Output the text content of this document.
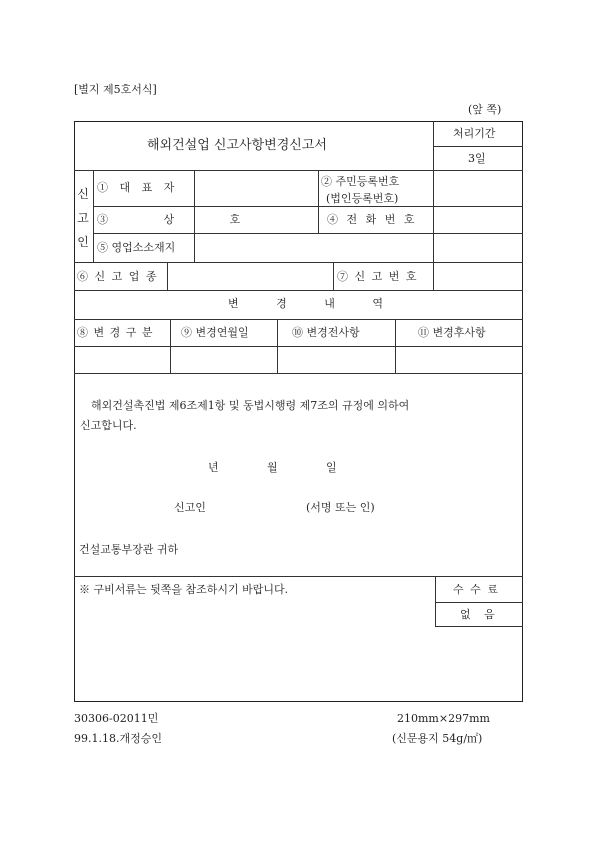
[별지 제5호서식]
(앞 쪽)
해외건설업 신고사항변경신고서
처리기간
3일
신고인
① 대 표 자	② 주민등록번호
(법인등록번호)
③ 상 호	④ 전 화 번 호
⑤ 영업소소재지
⑥ 신 고 업 종	⑦ 신 고 번 호
변 경 내 역
⑧ 변 경 구 분	⑨ 변경연월일	⑩ 변경전사항	⑪ 변경후사항
해외건설촉진법 제6조제1항 및 동법시행령 제7조의 규정에 의하여
신고합니다.
년	월	일
신고인	(서명 또는 인)
건설교통부장관 귀하
※ 구비서류는 뒷쪽을 참조하시기 바랍니다.	수 수 료
없 음
30306-02011민
99.1.18.개정승인
210mm×297mm
(신문용지 54g/㎡)
